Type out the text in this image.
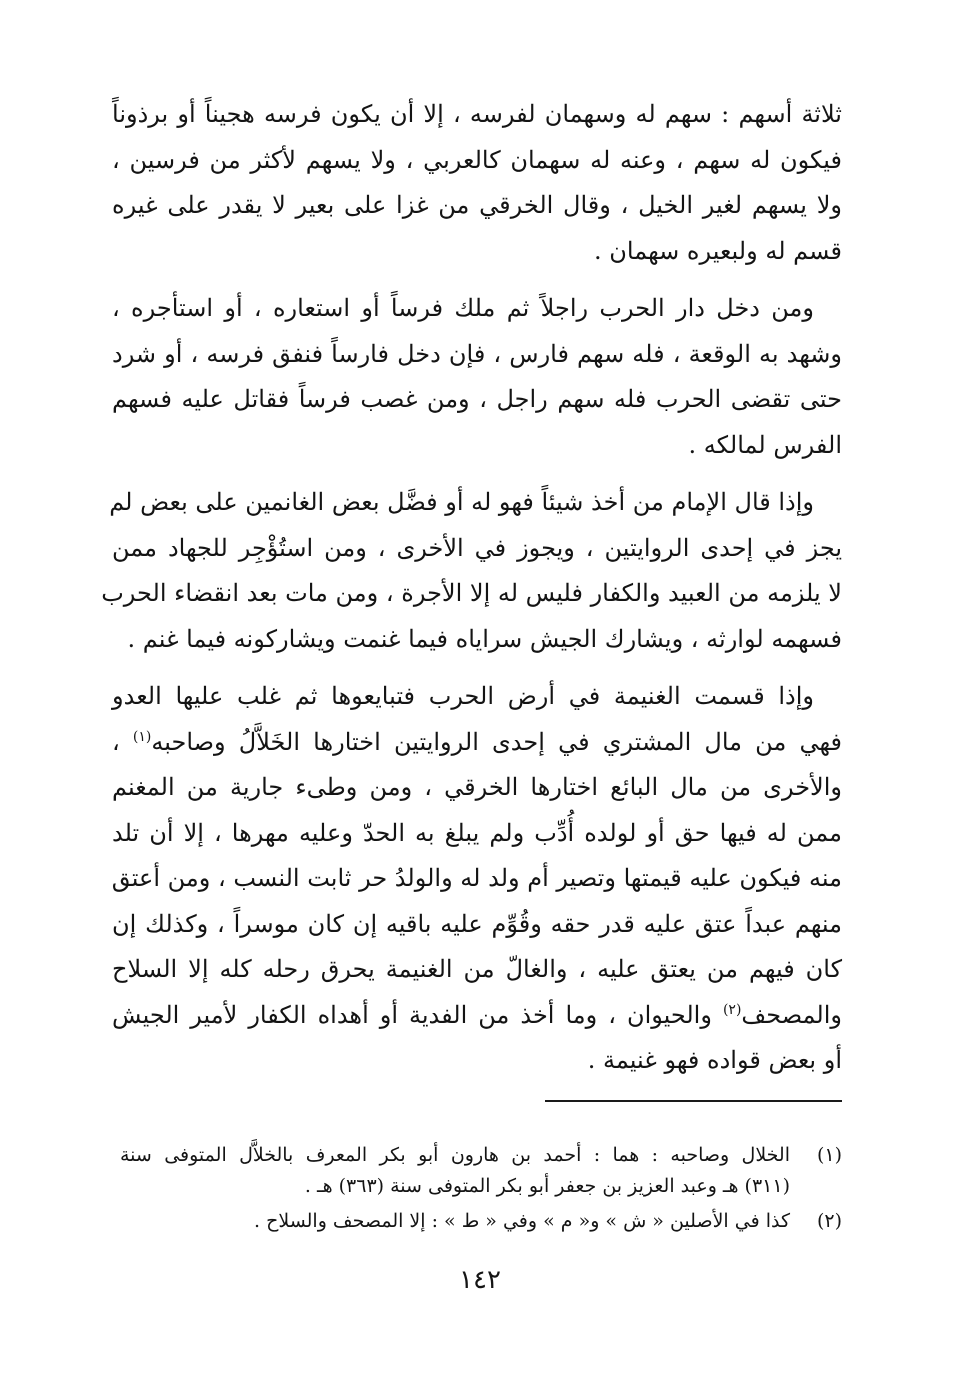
ثلاثة أسهم : سهم له وسهمان لفرسه ، إلا أن يكون فرسه هجيناً أو برذوناً
فيكون له سهم ، وعنه له سهمان كالعربي ، ولا يسهم لأكثر من فرسين ،
ولا يسهم لغير الخيل ، وقال الخرقي من غزا على بعير لا يقدر على غيره
قسم له ولبعيره سهمان .
ومن دخل دار الحرب راجلاً ثم ملك فرساً أو استعاره ، أو استأجره ،
وشهد به الوقعة ، فله سهم فارس ، فإن دخل فارساً فنفق فرسه ، أو شرد
حتى تقضى الحرب فله سهم راجل ، ومن غصب فرساً فقاتل عليه فسهم
الفرس لمالكه .
وإذا قال الإمام من أخذ شيئاً فهو له أو فضَّل بعض الغانمين على بعض لم
يجز في إحدى الروايتين ، ويجوز في الأخرى ، ومن استُؤْجِر للجهاد ممن
لا يلزمه من العبيد والكفار فليس له إلا الأجرة ، ومن مات بعد انقضاء الحرب
فسهمه لوارثه ، ويشارك الجيش سراياه فيما غنمت ويشاركونه فيما غنم .
وإذا قسمت الغنيمة في أرض الحرب فتبايعوها ثم غلب عليها العدو
فهي من مال المشتري في إحدى الروايتين اختارها الخَلاَّلُ وصاحبه$^{(١)}$ ،
والأخرى من مال البائع اختارها الخرقي ، ومن وطىء جارية من المغنم
ممن له فيها حق أو لولده أُدِّب ولم يبلغ به الحدّ وعليه مهرها ، إلا أن تلد
منه فيكون عليه قيمتها وتصير أم ولد له والولدُ حر ثابت النسب ، ومن أعتق
منهم عبداً عتق عليه قدر حقه وقُوِّم عليه باقيه إن كان موسراً ، وكذلك إن
كان فيهم من يعتق عليه ، والغالّ من الغنيمة يحرق رحله كله إلا السلاح
والمصحف$^{(٢)}$ والحيوان ، وما أخذ من الفدية أو أهداه الكفار لأمير الجيش
أو بعض قواده فهو غنيمة .
(١)
الخلال وصاحبه : هما : أحمد بن هارون أبو بكر المعرف بالخلاَّل المتوفى سنة
(٣١١) هـ وعبد العزيز بن جعفر أبو بكر المتوفى سنة (٣٦٣) هـ .
(٢)
كذا في الأصلين « ش » و« م » وفي « ط » : إلا المصحف والسلاح .
١٤٢
